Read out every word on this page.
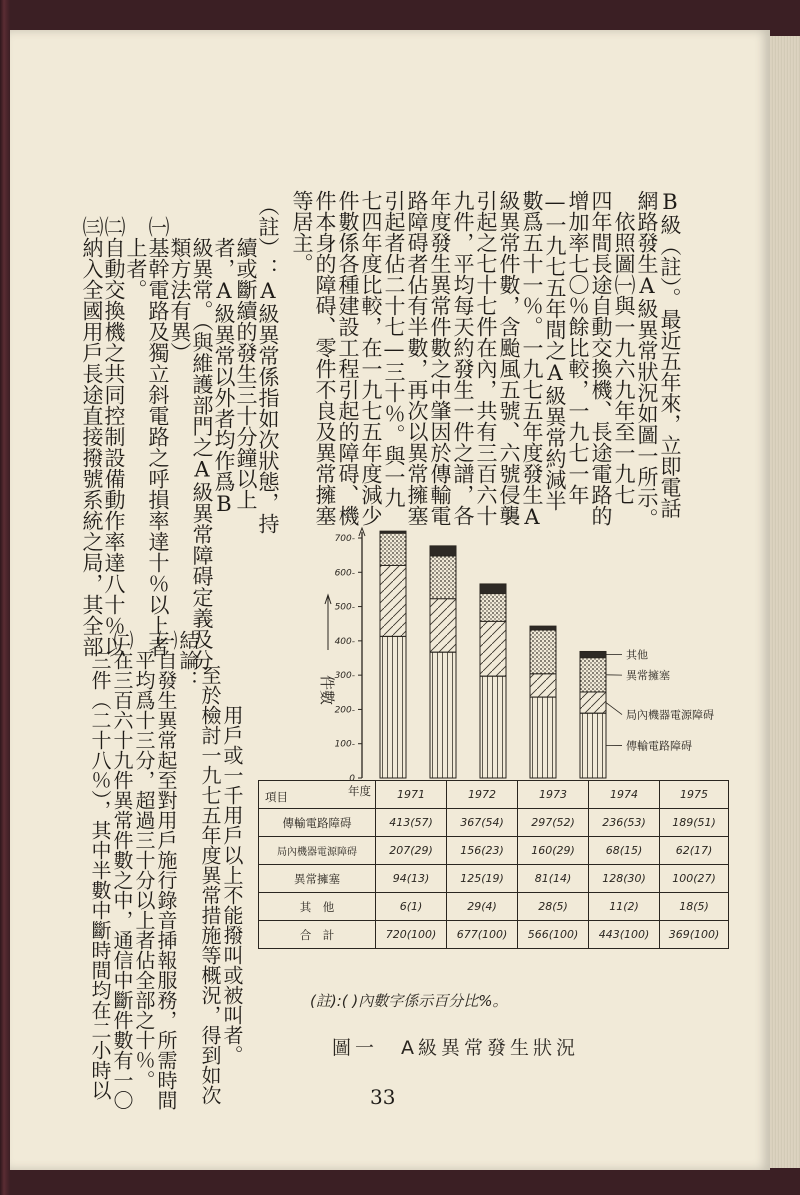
B級（註）。最近五年來，立即電話
網路發生A級異常狀況如圖一所示。
　依照圖㈠與一九六九年至一九七
四年間長途自動交換機、長途電路的
增加率七〇％餘比較，一九七一年
—一九七五年間之A級異常約減半
數爲五十一％。一九七五年度發生A
級異常件數，含颱風五號、六號侵襲
引起之七十七件在內，共有三百六十
九件，平均每天約發生一件之譜，各
年度發生異常件數之中肇因於傳輸電
路障碍者佔有半數，再次以異常擁塞
引起者佔二十七—三十％。與一九
七四年度比較，在一九七五年度減少
件數係各種建設工程引起的障碍、機
件本身的障碍、零件不良及異常擁塞
等居主。
（註）：A級異常係指如次狀態，持
　　續或斷續的發生三十分鐘以上
　　者，A級異常以外者均作爲B
　　級異常。（與維護部門之A級異常障碍定義及分
　　類方法有異）
　㈠基幹電路及獨立斜電路之呼損率達十％以上者
　　上者。
　㈡自動交換機之共同控制設備動作率達八十％以
　㈢納入全國用戶長途直接撥號系統之局，其全部
　用戶或一千用戶以上不能撥叫或被叫者。
至於檢討一九七五年度異常措施等概況，得到如次
結論：
㈠自發生異常起至對用戶施行錄音揷報服務，所需時間
　平均爲十三分，超過三十分以上者佔全部之十％。
㈡在三百六十九件異常件數之中，通信中斷件數有一〇
　三件（二十八％），其中半數中斷時間均在二小時以	0
100-
200-
300-
400-
500-
600-
700-
其他
異常擁塞
局內機器電源障碍
傳輸電路障碍
件數
項目 年度	1971	1972	1973	1974	1975
傳輸電路障碍	413(57)	367(54)	297(52)	236(53)	189(51)
局內機器電源障碍	207(29)	156(23)	160(29)	68(15)	62(17)
異常擁塞	94(13)	125(19)	81(14)	128(30)	100(27)
其　他	6(1)	29(4)	28(5)	11(2)	18(5)
合　計	720(100)	677(100)	566(100)	443(100)	369(100)
(註):( )內數字係示百分比%。
圖一　A級異常發生狀況
33
